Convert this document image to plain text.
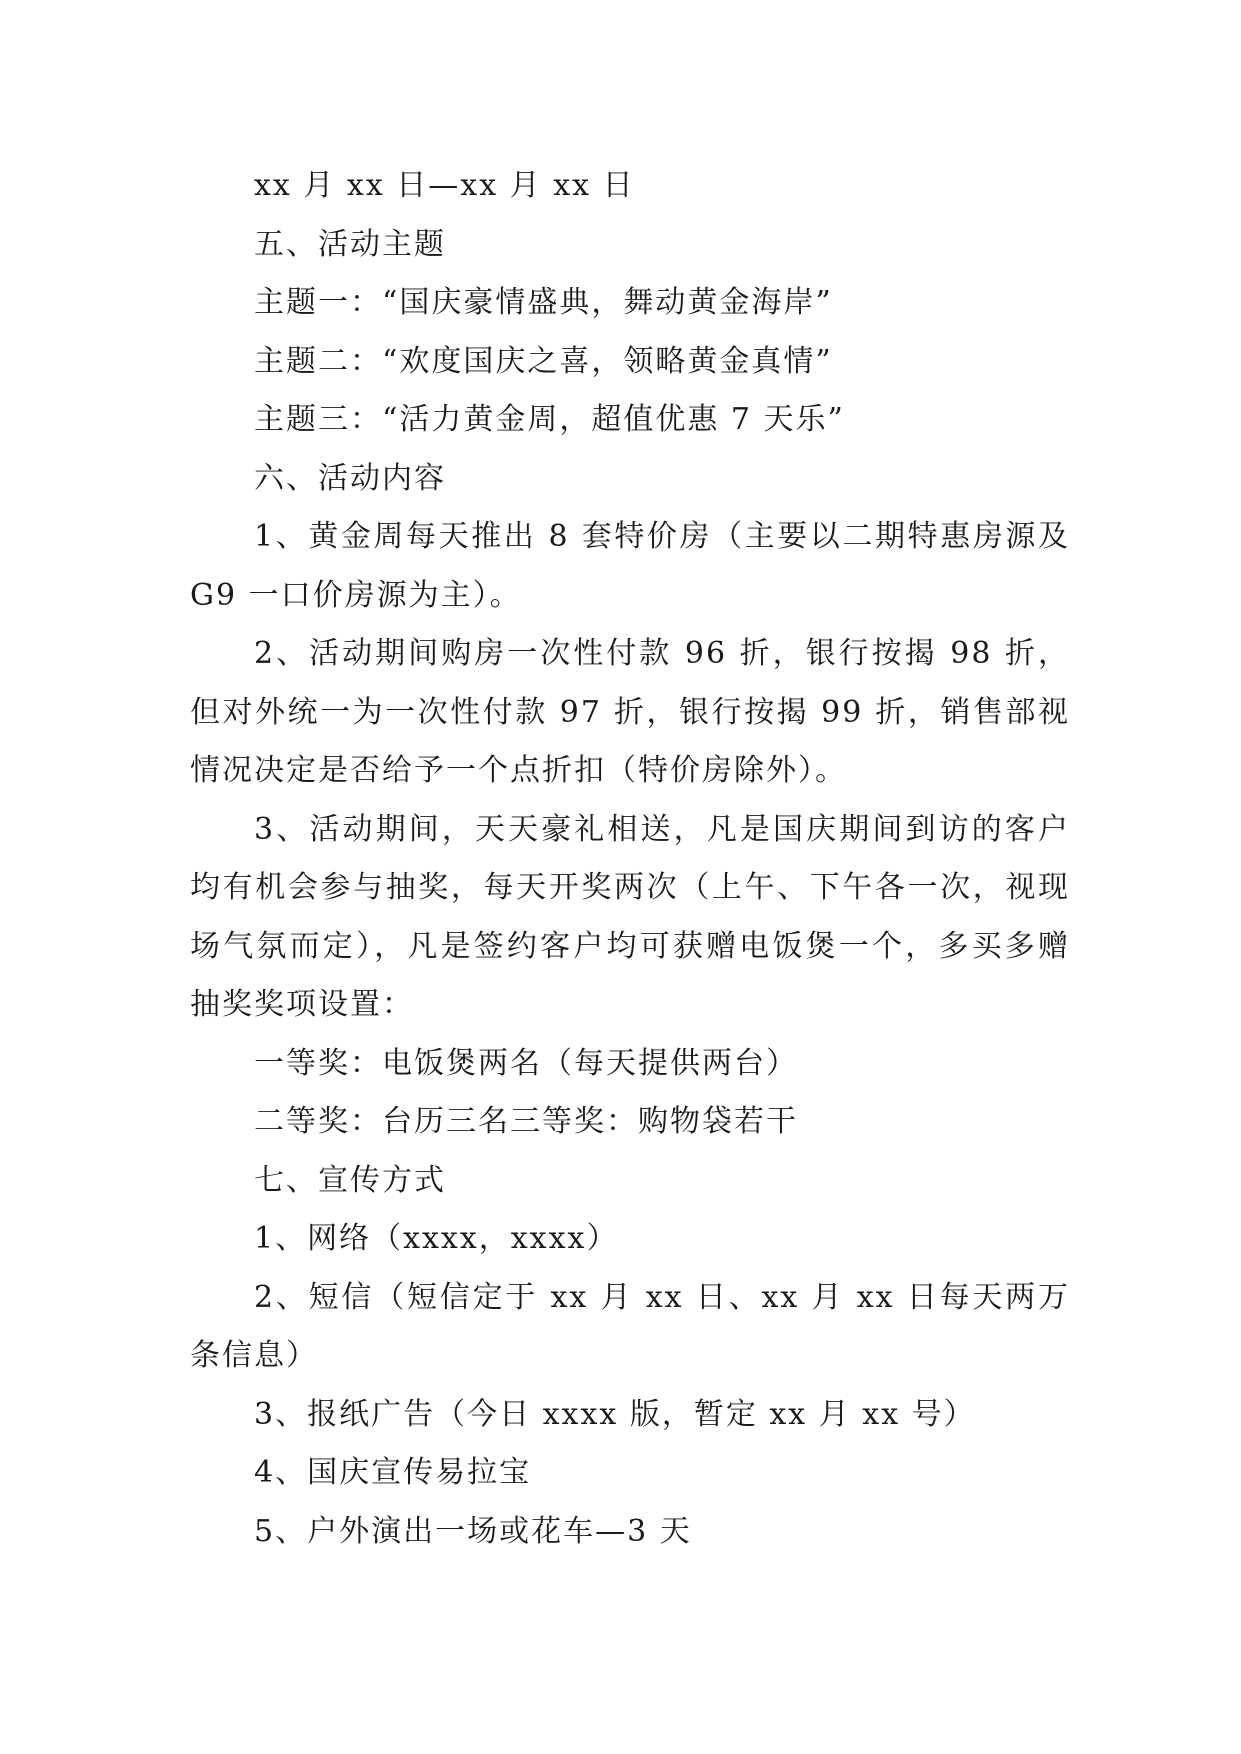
xx 月 xx 日—xx 月 xx 日

五、活动主题

主题一：“国庆豪情盛典，舞动黄金海岸”

主题二：“欢度国庆之喜，领略黄金真情”

主题三：“活力黄金周，超值优惠 7 天乐”

六、活动内容

1、黄金周每天推出 8 套特价房（主要以二期特惠房源及 G9 一口价房源为主）。

2、活动期间购房一次性付款 96 折，银行按揭 98 折，但对外统一为一次性付款 97 折，银行按揭 99 折，销售部视情况决定是否给予一个点折扣（特价房除外）。

3、活动期间，天天豪礼相送，凡是国庆期间到访的客户均有机会参与抽奖，每天开奖两次（上午、下午各一次，视现场气氛而定），凡是签约客户均可获赠电饭煲一个，多买多赠抽奖奖项设置：

一等奖：电饭煲两名（每天提供两台）

二等奖：台历三名三等奖：购物袋若干

七、宣传方式

1、网络（xxxx，xxxx）

2、短信（短信定于 xx 月 xx 日、xx 月 xx 日每天两万条信息）

3、报纸广告（今日 xxxx 版，暂定 xx 月 xx 号）

4、国庆宣传易拉宝

5、户外演出一场或花车—3 天
